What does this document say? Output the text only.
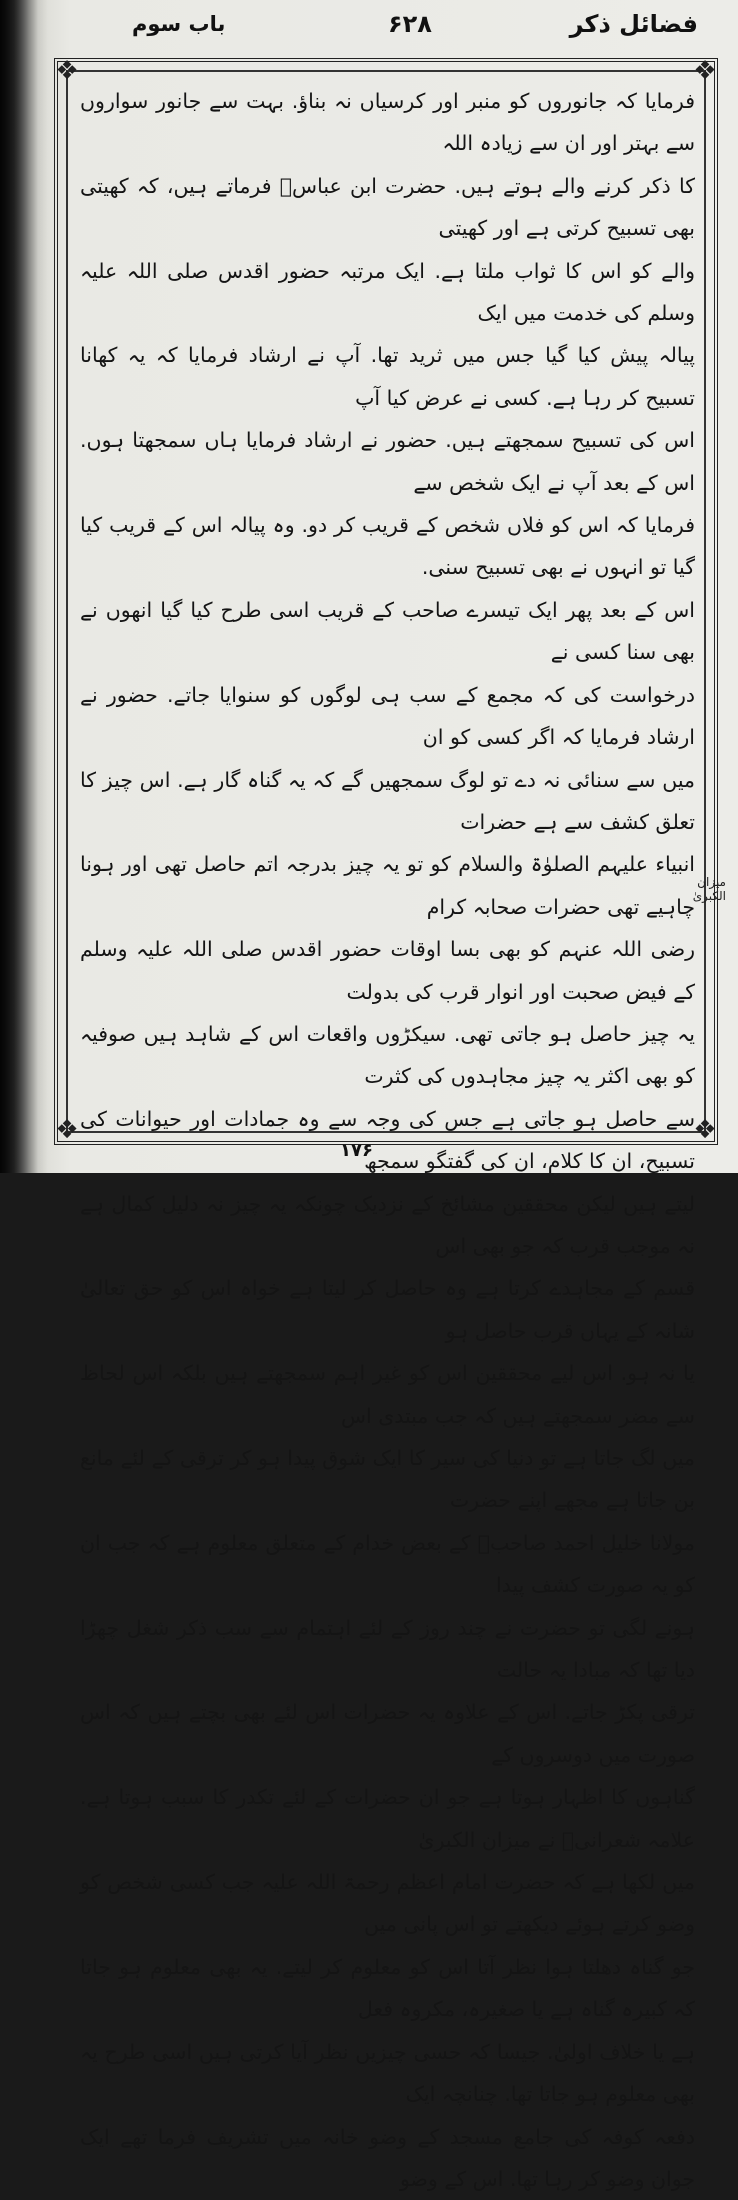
فضائل ذکر
۶۲۸
باب سوم
❖	❖
❖	❖

فرمایا کہ جانوروں کو منبر اور کرسیاں نہ بناؤ. بہت سے جانور سواروں سے بہتر اور ان سے زیادہ اللہ

کا ذکر کرنے والے ہوتے ہیں. حضرت ابن عباسؓ فرماتے ہیں، کہ کھیتی بھی تسبیح کرتی ہے اور کھیتی

والے کو اس کا ثواب ملتا ہے. ایک مرتبہ حضور اقدس صلی اللہ علیہ وسلم کی خدمت میں ایک

پیالہ پیش کیا گیا جس میں ثرید تھا. آپ نے ارشاد فرمایا کہ یہ کھانا تسبیح کر رہا ہے. کسی نے عرض کیا آپ

اس کی تسبیح سمجھتے ہیں. حضور نے ارشاد فرمایا ہاں سمجھتا ہوں. اس کے بعد آپ نے ایک شخص سے

فرمایا کہ اس کو فلاں شخص کے قریب کر دو. وہ پیالہ اس کے قریب کیا گیا تو انہوں نے بھی تسبیح سنی.

اس کے بعد پھر ایک تیسرے صاحب کے قریب اسی طرح کیا گیا انھوں نے بھی سنا کسی نے

درخواست کی کہ مجمع کے سب ہی لوگوں کو سنوایا جاتے. حضور نے ارشاد فرمایا کہ اگر کسی کو ان

میں سے سنائی نہ دے تو لوگ سمجھیں گے کہ یہ گناہ گار ہے. اس چیز کا تعلق کشف سے ہے حضرات

انبیاء علیہم الصلوٰۃ والسلام کو تو یہ چیز بدرجہ اتم حاصل تھی اور ہونا چاہیے تھی حضرات صحابہ کرام

رضی اللہ عنہم کو بھی بسا اوقات حضور اقدس صلی اللہ علیہ وسلم کے فیض صحبت اور انوار قرب کی بدولت

یہ چیز حاصل ہو جاتی تھی. سیکڑوں واقعات اس کے شاہد ہیں صوفیہ کو بھی اکثر یہ چیز مجاہدوں کی کثرت

سے حاصل ہو جاتی ہے جس کی وجہ سے وہ جمادات اور حیوانات کی تسبیح، ان کا کلام، ان کی گفتگو سمجھ

لیتے ہیں لیکن محققین مشائخ کے نزدیک چونکہ یہ چیز نہ دلیل کمال ہے نہ موجب قرب کہ جو بھی اس

قسم کے مجاہدے کرتا ہے وہ حاصل کر لیتا ہے خواہ اس کو حق تعالیٰ شانہ کے یہاں قرب حاصل ہو

یا نہ ہو. اس لیے محققین اس کو غیر اہم سمجھتے ہیں بلکہ اس لحاظ سے مضر سمجھتے ہیں کہ جب مبتدی اس

میں لگ جاتا ہے تو دنیا کی سیر کا ایک شوق پیدا ہو کر ترقی کے لئے مانع بن جاتا ہے مجھے اپنے حضرت

مولانا خلیل احمد صاحبؒ کے بعض خدام کے متعلق معلوم ہے کہ جب ان کو یہ صورت کشف پیدا

ہونے لگی تو حضرت نے چند روز کے لئے اہتمام سے سب ذکر شغل چھڑا دیا تھا کہ مبادا یہ حالت

ترقی پکڑ جاتے. اس کے علاوہ یہ حضرات اس لئے بھی بچتے ہیں کہ اس صورت میں دوسروں کے

گناہوں کا اظہار ہوتا ہے جو ان حضرات کے لئے تکدر کا سبب ہوتا ہے. علامہ شعرانیؒ نے میزان الکبریٰ

میں لکھا ہے کہ حضرت امام اعظم رحمۃ اللہ علیہ جب کسی شخص کو وضو کرتے ہوئے دیکھتے تو اس پانی میں

جو گناہ دھلتا ہوا نظر آتا اس کو معلوم کر لیتے. یہ بھی معلوم ہو جاتا کہ کبیرہ گناہ ہے یا صغیرہ، مکروہ فعل

ہے یا خلاف اولیٰ. جیسا کہ حسی چیزیں نظر آیا کرتی ہیں اسی طرح یہ بھی معلوم ہو جاتا تھا. چنانچہ ایک

دفعہ کوفہ کی جامع مسجد کے وضو خانہ میں تشریف فرما تھے ایک جوان وضو کر رہا تھا. اس کے وضو

میزان الکبریٰ
۱۷۶
